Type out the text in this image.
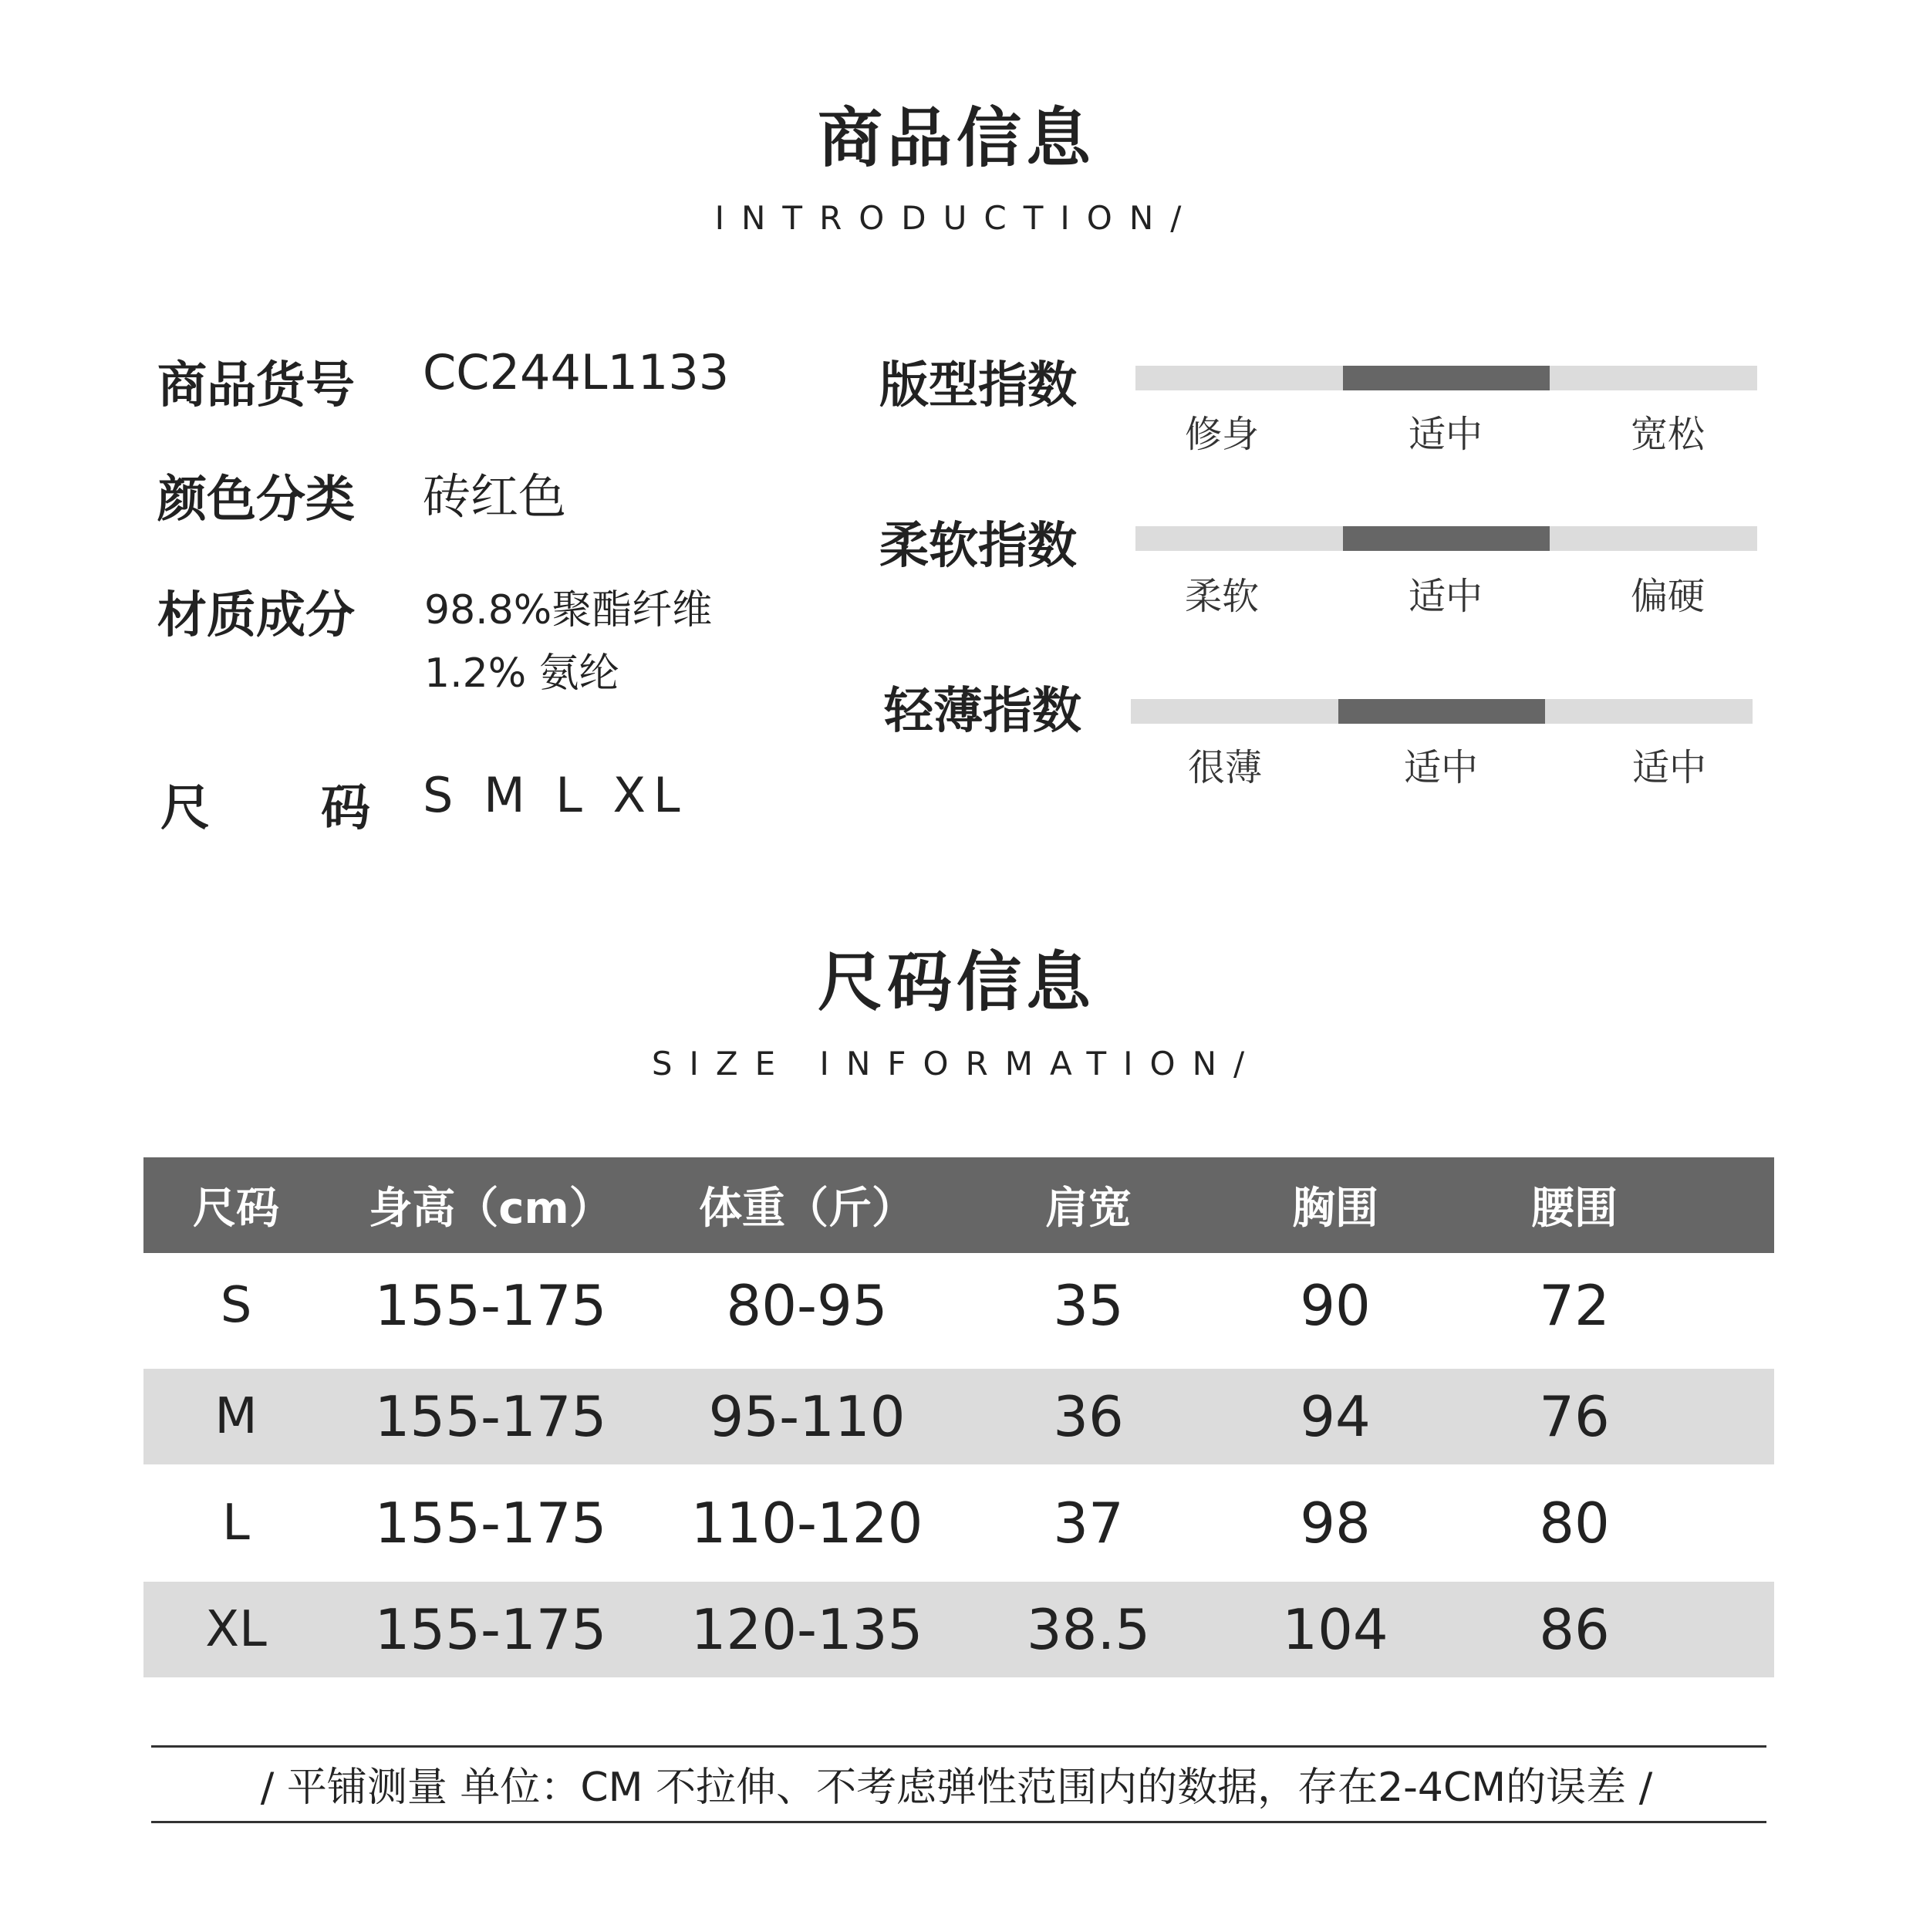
商品信息
INTRODUCTION/
商品货号 CC244L1133
颜色分类 砖红色
材质成分 98.8%聚酯纤维
1.2% 氨纶
尺 码 S M L XL
版型指数
修身	适中	宽松
柔软指数
柔软	适中	偏硬
轻薄指数
很薄	适中	适中
尺码信息
SIZE INFORMATION/
尺码	身高（cm）	体重（斤）	肩宽	胸围	腰围
S	155-175	80-95	35	90	72
M	155-175	95-110	36	94	76
L	155-175	110-120	37	98	80
XL	155-175	120-135	38.5	104	86
/ 平铺测量 单位：CM 不拉伸、不考虑弹性范围内的数据，存在2-4CM的误差 /
